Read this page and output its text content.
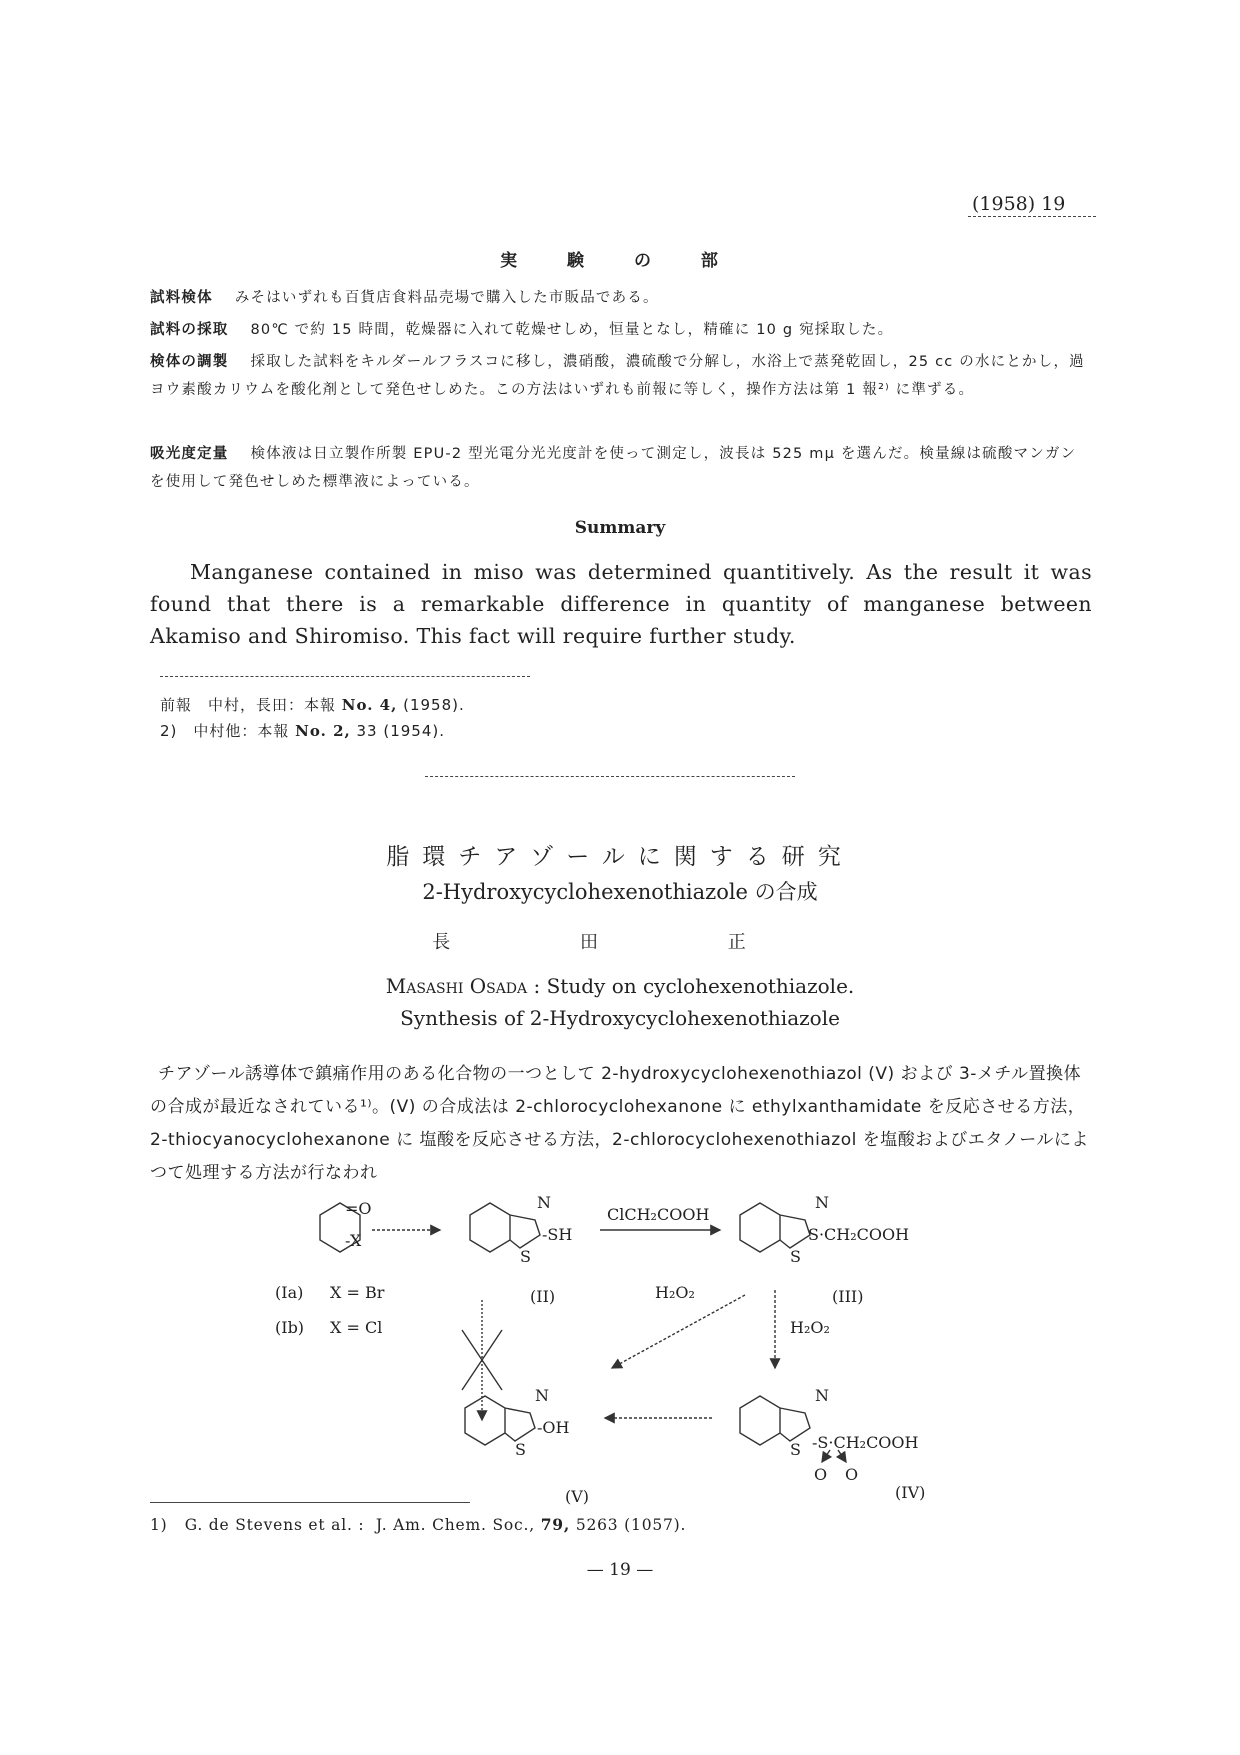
(1958) 19
実 験 の 部
試料検体 みそはいずれも百貨店食料品売場で購入した市販品である。
試料の採取 80℃ で約 15 時間，乾燥器に入れて乾燥せしめ，恒量となし，精確に 10 g 宛採取した。
検体の調製 採取した試料をキルダールフラスコに移し，濃硝酸，濃硫酸で分解し，水浴上で蒸発乾固し，25 cc の水にとかし，過ヨウ素酸カリウムを酸化剤として発色せしめた。この方法はいずれも前報に等しく，操作方法は第 1 報²⁾ に準ずる。
吸光度定量 検体液は日立製作所製 EPU-2 型光電分光光度計を使って測定し，波長は 525 mμ を選んだ。検量線は硫酸マンガンを使用して発色せしめた標準液によっている。
Summary
Manganese contained in miso was determined quantitively. As the result it was found that there is a remarkable difference in quantity of manganese between Akamiso and Shiromiso. This fact will require further study.
前報　中村，長田：本報 No. 4, (1958).
2)　中村他：本報 No. 2, 33 (1954).
脂環チアゾールに関する研究
2-Hydroxycyclohexenothiazole の合成
長 田 正
Masashi Osada : Study on cyclohexenothiazole.
Synthesis of 2-Hydroxycyclohexenothiazole
チアゾール誘導体で鎮痛作用のある化合物の一つとして 2-hydroxycyclohexenothiazol (V) および 3-メチル置換体の合成が最近なされている¹⁾。(V) の合成法は 2-chlorocyclohexanone に ethylxanthamidate を反応させる方法，2-thiocyanocyclohexanone に 塩酸を反応させる方法，2-chlorocyclohexenothiazol を塩酸およびエタノールによつて処理する方法が行なわれ
=O
-X
(Ia) X = Br
(Ib) X = Cl
N
S
-SH
(II)
ClCH₂COOH
N
S
S·CH₂COOH
(III)
H₂O₂
H₂O₂
N
S
-OH
(V)
N
S -S·CH₂COOH
O O
(IV)
1) G. de Stevens et al. : J. Am. Chem. Soc., 79, 5263 (1057).
— 19 —
